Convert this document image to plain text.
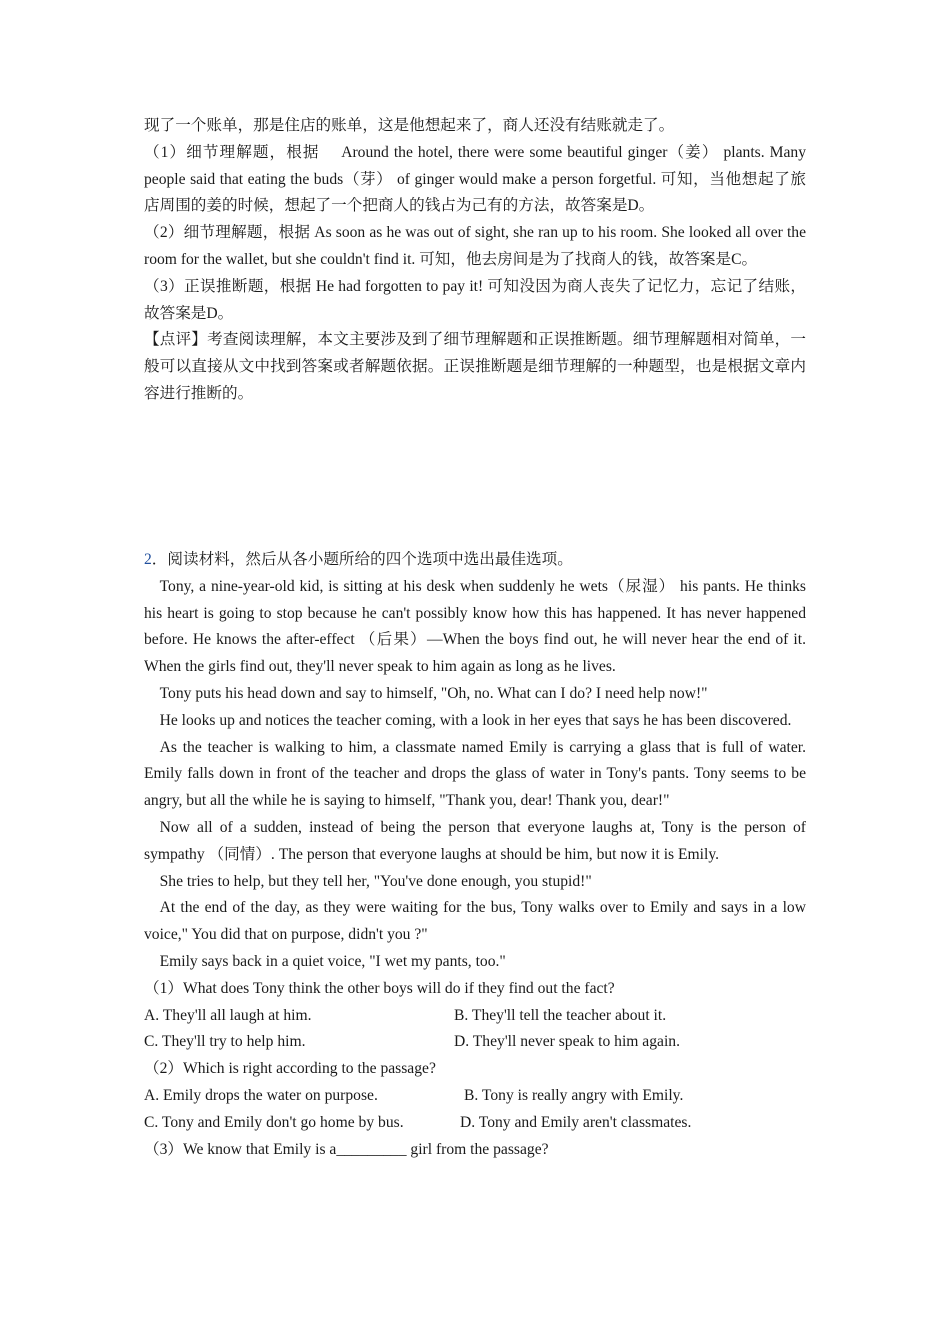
现了一个账单，那是住店的账单，这是他想起来了，商人还没有结账就走了。

（1）细节理解题，根据　 Around the hotel, there were some beautiful ginger（姜） plants. Many people said that eating the buds（芽） of ginger would make a person forgetful. 可知，当他想起了旅店周围的姜的时候，想起了一个把商人的钱占为己有的方法，故答案是D。

（2）细节理解题，根据 As soon as he was out of sight, she ran up to his room. She looked all over the room for the wallet, but she couldn't find it. 可知，他去房间是为了找商人的钱，故答案是C。

（3）正误推断题，根据 He had forgotten to pay it! 可知没因为商人丧失了记忆力，忘记了结账，故答案是D。

【点评】考查阅读理解，本文主要涉及到了细节理解题和正误推断题。细节理解题相对简单，一般可以直接从文中找到答案或者解题依据。正误推断题是细节理解的一种题型，也是根据文章内容进行推断的。

2．阅读材料，然后从各小题所给的四个选项中选出最佳选项。

Tony, a nine-year-old kid, is sitting at his desk when suddenly he wets（尿湿） his pants. He thinks his heart is going to stop because he can't possibly know how this has happened. It has never happened before. He knows the after-effect （后果）—When the boys find out, he will never hear the end of it. When the girls find out, they'll never speak to him again as long as he lives.

Tony puts his head down and say to himself, "Oh, no. What can I do? I need help now!"

He looks up and notices the teacher coming, with a look in her eyes that says he has been discovered.

As the teacher is walking to him, a classmate named Emily is carrying a glass that is full of water. Emily falls down in front of the teacher and drops the glass of water in Tony's pants. Tony seems to be angry, but all the while he is saying to himself, "Thank you, dear! Thank you, dear!"

Now all of a sudden, instead of being the person that everyone laughs at, Tony is the person of sympathy （同情）. The person that everyone laughs at should be him, but now it is Emily.

She tries to help, but they tell her, "You've done enough, you stupid!"

At the end of the day, as they were waiting for the bus, Tony walks over to Emily and says in a low voice," You did that on purpose, didn't you ?"

Emily says back in a quiet voice, "I wet my pants, too."

（1）What does Tony think the other boys will do if they find out the fact?

A. They'll all laugh at him.	B. They'll tell the teacher about it.
C. They'll try to help him.	D. They'll never speak to him again.

（2）Which is right according to the passage?

A. Emily drops the water on purpose.	B. Tony is really angry with Emily.
C. Tony and Emily don't go home by bus.	D. Tony and Emily aren't classmates.

（3）We know that Emily is a_________ girl from the passage?
